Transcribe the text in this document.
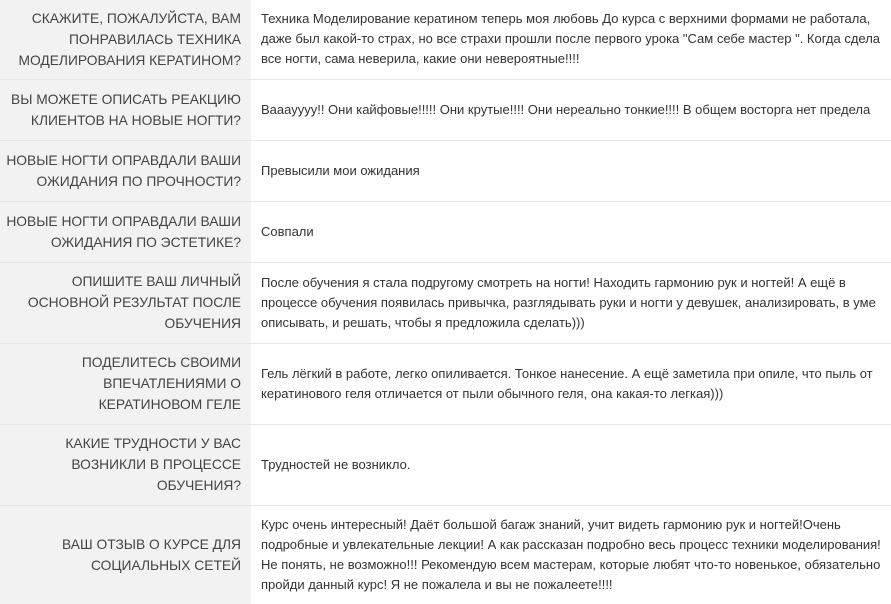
СКАЖИТЕ, ПОЖАЛУЙСТА, ВАМ ПОНРАВИЛАСЬ ТЕХНИКА МОДЕЛИРОВАНИЯ КЕРАТИНОМ?	Техника Моделирование кератином теперь моя любовь До курса с верхними формами не работала, даже был какой-то страх, но все страхи прошли после первого урока "Сам себе мастер ". Когда сдела все ногти, сама неверила, какие они невероятные!!!!
ВЫ МОЖЕТЕ ОПИСАТЬ РЕАКЦИЮ КЛИЕНТОВ НА НОВЫЕ НОГТИ?	Вааауууу!! Они кайфовые!!!!! Они крутые!!!! Они нереально тонкие!!!! В общем восторга нет предела
НОВЫЕ НОГТИ ОПРАВДАЛИ ВАШИ ОЖИДАНИЯ ПО ПРОЧНОСТИ?	Превысили мои ожидания
НОВЫЕ НОГТИ ОПРАВДАЛИ ВАШИ ОЖИДАНИЯ ПО ЭСТЕТИКЕ?	Совпали
ОПИШИТЕ ВАШ ЛИЧНЫЙ ОСНОВНОЙ РЕЗУЛЬТАТ ПОСЛЕ ОБУЧЕНИЯ	После обучения я стала подругому смотреть на ногти! Находить гармонию рук и ногтей! А ещё в процессе обучения появилась привычка, разглядывать руки и ногти у девушек, анализировать, в уме описывать, и решать, чтобы я предложила сделать)))
ПОДЕЛИТЕСЬ СВОИМИ ВПЕЧАТЛЕНИЯМИ О КЕРАТИНОВОМ ГЕЛЕ	Гель лёгкий в работе, легко опиливается. Тонкое нанесение. А ещё заметила при опиле, что пыль от кератинового геля отличается от пыли обычного геля, она какая-то легкая)))
КАКИЕ ТРУДНОСТИ У ВАС ВОЗНИКЛИ В ПРОЦЕССЕ ОБУЧЕНИЯ?	Трудностей не возникло.
ВАШ ОТЗЫВ О КУРСЕ ДЛЯ СОЦИАЛЬНЫХ СЕТЕЙ	Курс очень интересный! Даёт большой багаж знаний, учит видеть гармонию рук и ногтей!Очень подробные и увлекательные лекции! А как рассказан подробно весь процесс техники моделирования! Не понять, не возможно!!! Рекомендую всем мастерам, которые любят что-то новенькое, обязательно пройди данный курс! Я не пожалела и вы не пожалеете!!!!
